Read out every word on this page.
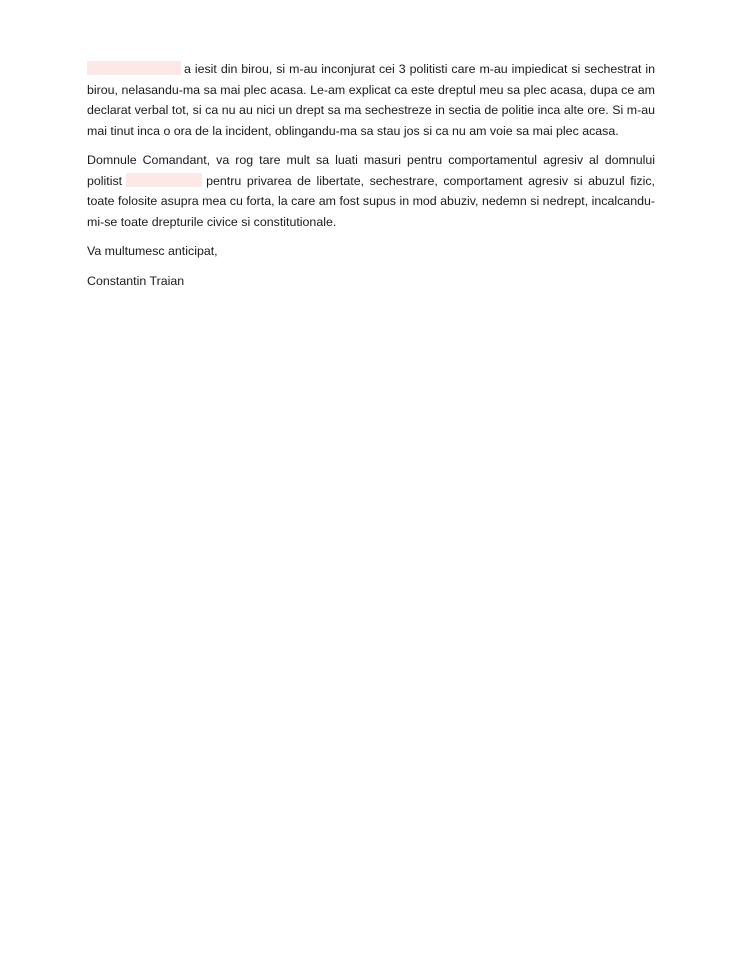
a iesit din birou, si m-au inconjurat cei 3 politisti care m-au impiedicat si sechestrat in
birou, nelasandu-ma sa mai plec acasa. Le-am explicat ca este dreptul meu sa plec acasa, dupa ce am
declarat verbal tot, si ca nu au nici un drept sa ma sechestreze in sectia de politie inca alte ore. Si m-au
mai tinut inca o ora de la incident, oblingandu-ma sa stau jos si ca nu am voie sa mai plec acasa.
Domnule Comandant, va rog tare mult sa luati masuri pentru comportamentul agresiv al domnului
politist	pentru privarea de libertate, sechestrare, comportament agresiv si abuzul fizic,
toate folosite asupra mea cu forta, la care am fost supus in mod abuziv, nedemn si nedrept, incalcandu-
mi-se toate drepturile civice si constitutionale.
Va multumesc anticipat,
Constantin Traian
